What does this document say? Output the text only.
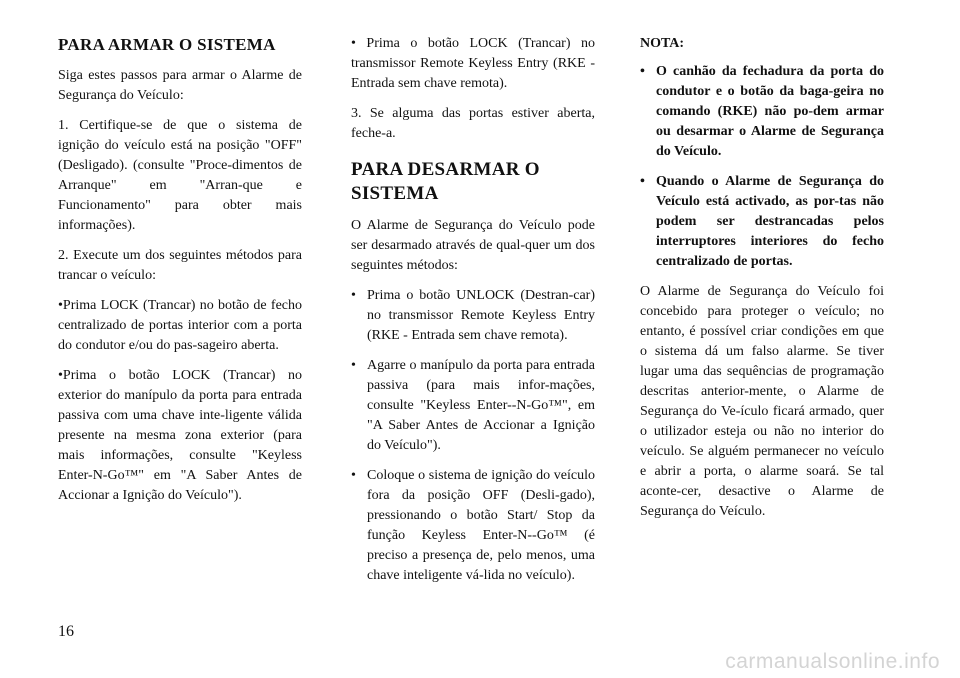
PARA ARMAR O SISTEMA

Siga estes passos para armar o Alarme de Segurança do Veículo:

1. Certifique-se de que o sistema de ignição do veículo está na posição "OFF" (Desligado). (consulte "Proce-dimentos de Arranque" em "Arran-que e Funcionamento" para obter mais informações).

2. Execute um dos seguintes métodos para trancar o veículo:

•Prima LOCK (Trancar) no botão de fecho centralizado de portas interior com a porta do condutor e/ou do pas-sageiro aberta.

•Prima o botão LOCK (Trancar) no exterior do manípulo da porta para entrada passiva com uma chave inte-ligente válida presente na mesma zona exterior (para mais informações, consulte "Keyless Enter-N-Go™" em "A Saber Antes de Accionar a Ignição do Veículo").

• Prima o botão LOCK (Trancar) no transmissor Remote Keyless Entry (RKE - Entrada sem chave remota).

3. Se alguma das portas estiver aberta, feche-a.

PARA DESARMAR O SISTEMA

O Alarme de Segurança do Veículo pode ser desarmado através de qual-quer um dos seguintes métodos:

• Prima o botão UNLOCK (Destran-car) no transmissor Remote Keyless Entry (RKE - Entrada sem chave remota).
• Agarre o manípulo da porta para entrada passiva (para mais infor-mações, consulte "Keyless Enter--N-Go™", em "A Saber Antes de Accionar a Ignição do Veículo").
• Coloque o sistema de ignição do veículo fora da posição OFF (Desli-gado), pressionando o botão Start/ Stop da função Keyless Enter-N--Go™ (é preciso a presença de, pelo menos, uma chave inteligente vá-lida no veículo).

NOTA:

• O canhão da fechadura da porta do condutor e o botão da baga-geira no comando (RKE) não po-dem armar ou desarmar o Alarme de Segurança do Veículo.
• Quando o Alarme de Segurança do Veículo está activado, as por-tas não podem ser destrancadas pelos interruptores interiores do fecho centralizado de portas.

O Alarme de Segurança do Veículo foi concebido para proteger o veículo; no entanto, é possível criar condições em que o sistema dá um falso alarme. Se tiver lugar uma das sequências de programação descritas anterior-mente, o Alarme de Segurança do Ve-ículo ficará armado, quer o utilizador esteja ou não no interior do veículo. Se alguém permanecer no veículo e abrir a porta, o alarme soará. Se tal aconte-cer, desactive o Alarme de Segurança do Veículo.

16
carmanualsonline.info
